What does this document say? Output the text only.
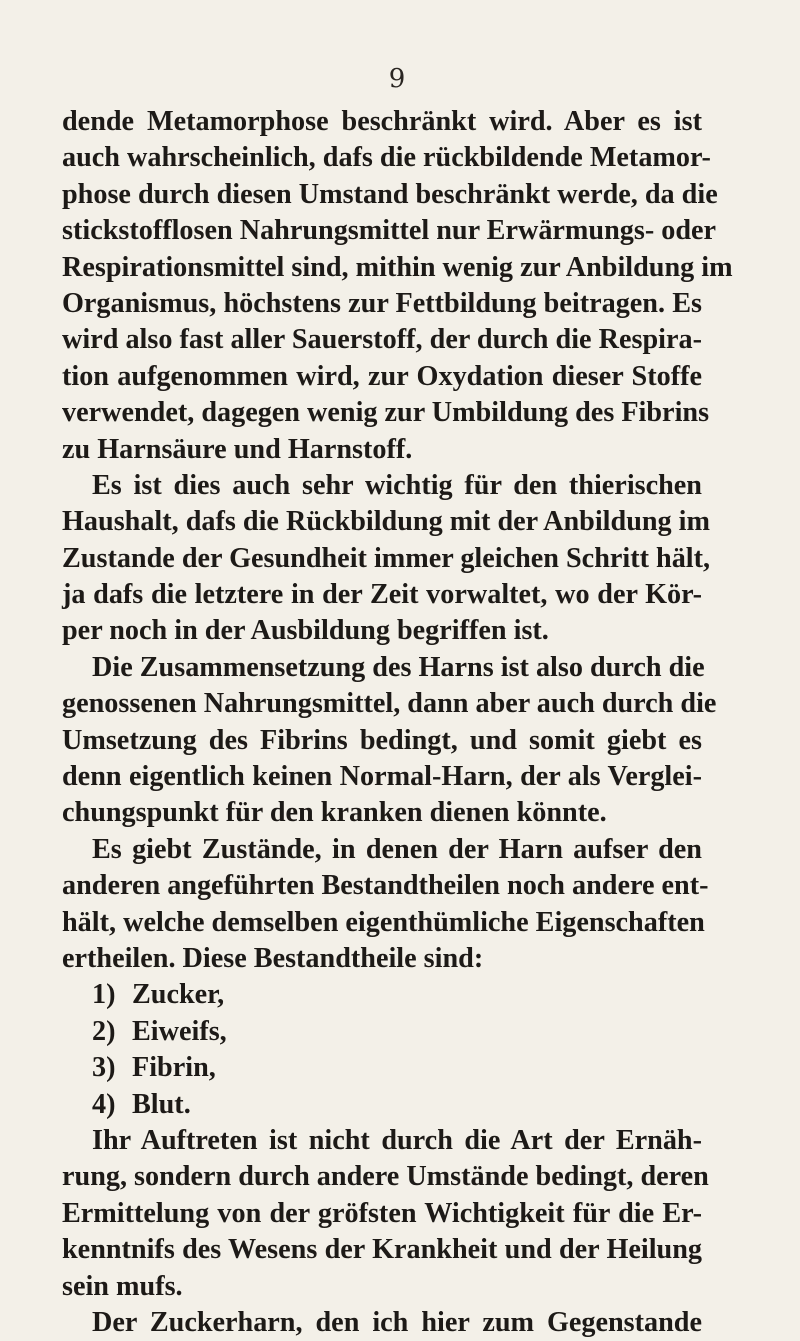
9
dende Metamorphose beschränkt wird. Aber es ist
auch wahrscheinlich, dafs die rückbildende Metamor-
phose durch diesen Umstand beschränkt werde, da die
stickstofflosen Nahrungsmittel nur Erwärmungs- oder
Respirationsmittel sind, mithin wenig zur Anbildung im
Organismus, höchstens zur Fettbildung beitragen. Es
wird also fast aller Sauerstoff, der durch die Respira-
tion aufgenommen wird, zur Oxydation dieser Stoffe
verwendet, dagegen wenig zur Umbildung des Fibrins
zu Harnsäure und Harnstoff.
Es ist dies auch sehr wichtig für den thierischen
Haushalt, dafs die Rückbildung mit der Anbildung im
Zustande der Gesundheit immer gleichen Schritt hält,
ja dafs die letztere in der Zeit vorwaltet, wo der Kör-
per noch in der Ausbildung begriffen ist.
Die Zusammensetzung des Harns ist also durch die
genossenen Nahrungsmittel, dann aber auch durch die
Umsetzung des Fibrins bedingt, und somit giebt es
denn eigentlich keinen Normal-Harn, der als Verglei-
chungspunkt für den kranken dienen könnte.
Es giebt Zustände, in denen der Harn aufser den
anderen angeführten Bestandtheilen noch andere ent-
hält, welche demselben eigenthümliche Eigenschaften
ertheilen. Diese Bestandtheile sind:
1) Zucker,
2) Eiweifs,
3) Fibrin,
4) Blut.
Ihr Auftreten ist nicht durch die Art der Ernäh-
rung, sondern durch andere Umstände bedingt, deren
Ermittelung von der gröfsten Wichtigkeit für die Er-
kenntnifs des Wesens der Krankheit und der Heilung
sein mufs.
Der Zuckerharn, den ich hier zum Gegenstande
